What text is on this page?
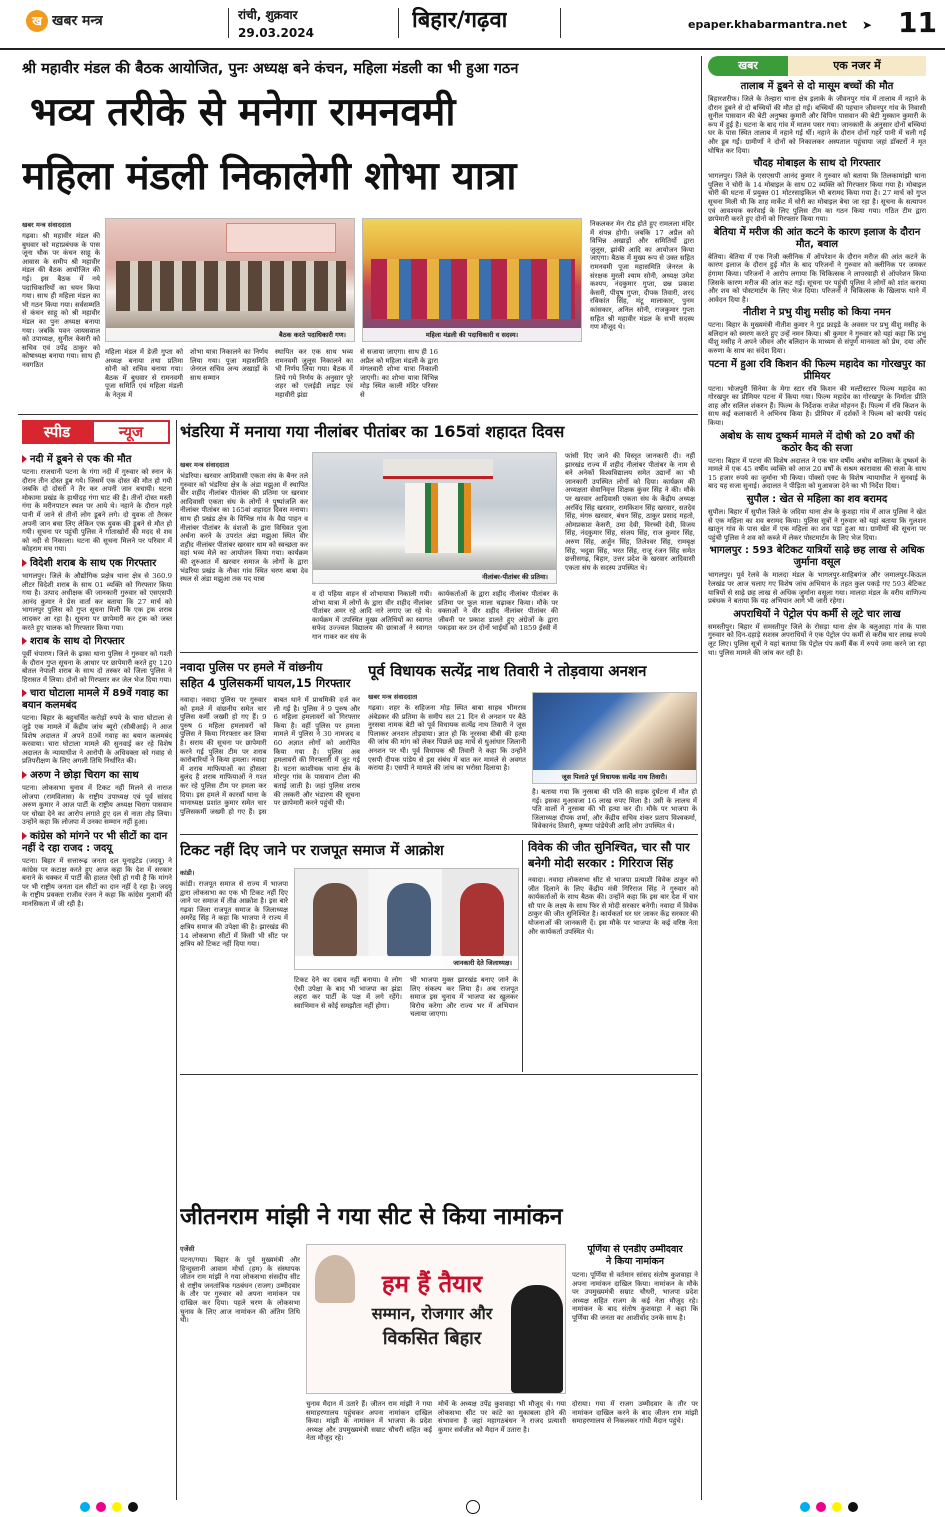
ख खबर मन्त्र	रांची, शुक्रवार
29.03.2024	बिहार/गढ़वा	epaper.khabarmantra.net ➤ 11
श्री महावीर मंडल की बैठक आयोजित, पुनः अध्यक्ष बने कंचन, महिला मंडली का भी हुआ गठन
भव्य तरीके से मनेगा रामनवमी
महिला मंडली निकालेगी शोभा यात्रा
खबर मन्त्र संवाददाता
गढ़वा। श्री महावीर मंडल की बुधवार को महाप्रबंधक के पास जूना चौक पर कंचन साहू के आवास के समीप श्री महावीर मंडल की बैठक आयोजित की गई। इस बैठक में नये पदाधिकारियों का चयन किया गया। साथ ही महिला मंडल का भी गठन किया गया। सर्वसम्मति से कंचन साहू को श्री महावीर मंडल का पुनः अध्यक्ष बनाया गया। जबकि पवन जायसवाल को उपाध्यक्ष, सुनील केसरी को सचिव एवं उपेंद्र ठाकुर को कोषाध्यक्ष बनाया गया। साथ ही नवगठित
बैठक करते पदाधिकारी गण।	महिला मंडली की पदाधिकारी व सदस्य।
महिला मंडल में डेजी गुप्ता को अध्यक्ष बनाया तथा प्रतिमा सोनी को सचिव बनाया गया। बैठक में बुधवार से रामनवमी पूजा समिति एवं महिला मंडली के नेतृत्व में
शोभा यात्रा निकालने का निर्णय लिया गया। पूजा महासमिति जेनरल सचिव अन्य अखाड़ों के साथ सम्मान
स्थापित कर एक साथ भव्य रामनवमी जुलूस निकालने का भी निर्णय लिया गया। बैठक में लिये गये निर्णय के अनुसार पूरे शहर को एलईडी लाइट एवं महावीरी झंडा
से सजाया जाएगा। साथ ही 16 अप्रैल को महिला मंडली के द्वारा मंगलवारी शोभा यात्रा निकाली जाएगी। का शोभा यात्रा विभिन्न मोड़ स्थित काली मंदिर परिसर से
निकलकर मेन रोड होते हुए रामलला मंदिर में संपन्न होगी। जबकि 17 अप्रैल को विभिन्न अखाड़ों और समितियों द्वारा जुलूस, झांकी आदि का आयोजन किया जाएगा। बैठक में मुख्य रूप से उक्त सहित रामनवमी पूजा महासमिति जेनरल के संरक्षक मुरली श्याम सोनी, अध्यक्ष उमेश कश्यप, नंदकुमार गुप्ता, छन्न प्रकाश केसरी, पीयूष गुप्ता, दीपक तिवारी, शरद रविकांत सिंह, मंटू मालाकार, पुनम कांसकार, अनिल सोनी, राजकुमार गुप्ता सहित श्री महावीर मंडल के सभी सदस्य गण मौजूद थे।
स्पीड	न्यूज
नदी में डूबने से एक की मौत
पटना। राजधानी पटना के गंगा नदी में गुरुवार को स्नान के दौरान तीन दोस्त डूब गये। जिसमें एक दोस्त की मौत हो गयी जबकि दो दोस्तों ने तैर कर अपनी जान बचायी। घटना मोकामा प्रखंड के हाथीदह गंगा घाट की है। तीनों दोस्त मस्ती गंगा के मरीनपाटन स्थल पर आये थे। नहाने के दौरान गहरे पानी में जाने से तीनों लोग डूबने लगे। दो युवक तो तैरकर अपनी जान बचा लिए लेकिन एक युवक की डूबने से मौत हो गयी। सूचना पर पहुंची पुलिस ने गोताखोरों की मदद से शव को नदी से निकाला। घटना की सूचना मिलने पर परिवार में कोहराम मच गया।
विदेशी शराब के साथ एक गिरफ्तार
भागलपुर। जिले के औद्योगिक प्रक्षेत्र थाना क्षेत्र से 360.9 लीटर विदेशी शराब के साथ 01 व्यक्ति को गिरफ्तार किया गया है। उत्पाद अधीक्षक की जानकारी गुरुवार को एसएसपी आनंद कुमार ने प्रेस वार्ता कर बताया कि 27 मार्च को भागलपुर पुलिस को गुप्त सूचना मिली कि एक ट्रक शराब लादकर आ रहा है। सूचना पर छापेमारी कर ट्रक को जब्त करते हुए चालक को गिरफ्तार किया गया।
शराब के साथ दो गिरफ्तार
पूर्वी चंपारण। जिले के ढ़ाका थाना पुलिस ने गुरुवार को गश्ती के दौरान गुप्त सूचना के आधार पर छापेमारी करते हुए 120 बोतल नेपाली शराब के साथ दो तस्कर को जिला पुलिस ने हिरासत में लिया। दोनों को गिरफ्तार कर जेल भेज दिया गया।
चारा घोटाला मामले में 89वें गवाह का बयान कलमबंद
पटना। बिहार के बहुचर्चित करोड़ों रुपये के चारा घोटाला से जुड़े एक मामले में केंद्रीय जांच ब्यूरो (सीबीआई) ने आज विशेष अदालत में अपने 89वें गवाह का बयान कलमबंद करवाया। चारा घोटाला मामले की सुनवाई कर रहे विशेष अदालत के न्यायाधीश ने आरोपी के अधिवक्ता को गवाह से प्रतिपरीक्षण के लिए अगली तिथि निर्धारित की।
अरुण ने छोड़ा चिराग का साथ
पटना। लोकसभा चुनाव में टिकट नहीं मिलने से नाराज लोजपा (रामविलास) के राष्ट्रीय उपाध्यक्ष एवं पूर्व सांसद अरुण कुमार ने आज पार्टी के राष्ट्रीय अध्यक्ष चिराग पासवान पर धोखा देने का आरोप लगाते हुए दल से नाता तोड़ लिया। उन्होंने कहा कि लोजपा में उनका सम्मान नहीं हुआ।
कांग्रेस को मांगने पर भी सीटों का दान नहीं दे रहा राजद : जदयू
पटना। बिहार में सत्तारूढ़ जनता दल यूनाइटेड (जदयू) ने कांग्रेस पर कटाक्ष करते हुए आज कहा कि देश में सरकार बनाने के चक्कर में पार्टी की हालत ऐसी हो गयी है कि मांगने पर भी राष्ट्रीय जनता दल सीटों का दान नहीं दे रहा है। जदयू के राष्ट्रीय प्रवक्ता राजीव रंजन ने कहा कि कांग्रेस गुलामी की मानसिकता में जी रही है।
भंडरिया में मनाया गया नीलांबर पीतांबर का 165वां शहादत दिवस
खबर मन्त्र संवाददाता
भंडरिया। खरवार आदिवासी एकता संघ के बैनर तले गुरुवार को भंडरिया क्षेत्र के अंडा मझुआ में स्थापित वीर शहीद नीलांबर पीतांबर की प्रतिमा पर खरवार आदिवासी एकता संघ के लोगों ने पुष्पांजलि कर नीलांबर पीतांबर का 165वां शहादत दिवस मनाया। साथ ही प्रखंड क्षेत्र के विभिन्न गांव के वैद्य पाहन व नीलांबर पीतांबर के वंशजों के द्वारा विधिवत पूजा अर्चना करने के उपरांत अंडा मझुआ स्थित वीर शहीद नीलांबर पीतांबर खरवार धाम को स्वच्छता कर वहां भव्य मेले का आयोजन किया गया। कार्यक्रम की शुरुआत में खरवार समाज के लोगों के द्वारा भंडरिया प्रखंड के नौका गांव स्थित चरण बाबा देव स्थल से अंडा मझुआ तक पद यात्रा	नीलांबर-पीतांबर की प्रतिमा।
व दो पहिया वाहन से शोभायात्रा निकाली गयी। शोभा यात्रा में लोगों के द्वारा वीर शहीद नीलांबर पीतांबर अमर रहे आदि नारे लगाए जा रहे थे। कार्यक्रम में उपस्थित मुख्य अतिथियों का स्वागत सफेद उज्ज्वल विद्यालय की छात्राओं ने स्वागत गान गाकर कर संघ के
कार्यकर्ताओं के द्वारा शहीद नीलांबर पीतांबर के प्रतिमा पर फूल माला चढ़ाकर किया। मौके पर वक्ताओं ने वीर शहीद नीलांबर पीतांबर की जीवनी पर प्रकाश डालते हुए अंग्रेजों के द्वारा पकड़वा कर उन दोनों भाईयों को 1859 ईस्वी में
फांसी दिए जाने की विस्तृत जानकारी दी। नहीं झारखंड राज्य में शहीद नीलांबर पीतांबर के नाम से बने अनेकों विश्वविद्यालय समेत उद्यानों का भी जानकारी उपस्थित लोगों को दिया। कार्यक्रम की अध्यक्षता सेवानिवृत्त शिक्षक कुंवर सिंह ने की। मौके पर खरवार आदिवासी एकता संघ के केंद्रीय अध्यक्ष अरविंद सिंह खरवार, रामकिशन सिंह खरवार, सतदेव सिंह, मंगरु खरवार, बंधन सिंह, ठाकुर प्रसाद महतो, ओमप्रकाश केसरी, उमा देवी, विरच्ची देवी, विजय सिंह, नंदकुमार सिंह, संजय सिंह, राज कुमार सिंह, अरुण सिंह, अर्जुन सिंह, तिलेश्वर सिंह, रामबृक्ष सिंह, भदुवा सिंह, भरत सिंह, राजू रंजन सिंह समेत छत्तीसगढ़, बिहार, उत्तर प्रदेश के खरवार आदिवासी एकता संघ के सदस्य उपस्थित थे।
नवादा पुलिस पर हमले में वांछनीय
सहित 4 पुलिसकर्मी घायल,15 गिरफ्तार
नवादा। नवादा पुलिस पर गुरुवार को हमले में वांछनीय समेत चार पुलिस कर्मी जख्मी हो गए हैं। 9 पुरुष 6 महिला हमलावरों को पुलिस ने किया गिरफ्तार कर लिया है। सराय की सूचना पर छापेमारी करने गई पुलिस टीम पर शराब कारोबारियों ने किया हमला। नवादा में शराब माफियाओं का हौसला बुलंद है शराब माफियाओं ने गश्त कर रहे पुलिस टीम पर हमला कर दिया। इस हमले में कारवाँ थाना के थानाध्यक्ष प्रशांत कुमार समेत चार पुलिसकर्मी जख्मी हो गए हैं। इस बाबत थाने में प्राथमिकी दर्ज कर ली गई है। पुलिस ने 9 पुरुष और 6 महिला हमलावरों को गिरफ्तार किया है। वहीं पुलिस पर हमला मामले में पुलिस ने 30 नामजद व 60 अज्ञात लोगों को आरोपित किया गया है। पुलिस अब हमलावरों की गिरफ्तारी में जुट गई है। घटना काशीचक थाना क्षेत्र के मोरपुर गांव के पासवान टोला की बताई जाती है। जहां पुलिस शराब की तस्करी और भंडारण की सूचना पर छापेमारी करने पहुंची थी।
पूर्व विधायक सत्येंद्र नाथ तिवारी ने तोड़वाया अनशन
खबर मन्त्र संवाददाता
गढ़वा। शहर के सहिजना मोड़ स्थित बाबा साहब भीमराव अंबेडकर की प्रतिमा के समीप सत 21 दिन से अनशन पर बैठे नुरसबा नामक बेटी को पूर्व विधायक सत्येंद्र नाथ तिवारी ने जूस पिलाकर अनशन तोड़वाया। ज्ञात हो कि नूरसबा बीबी की हत्या की जांच की मांग को लेकर पिछले छह मार्च से धुआंधार जिलानी अनशन पर थी। पूर्व विधायक श्री तिवारी ने कहा कि उन्होंने एसपी दीपक पांडेय से इस संबंध में बात कर मामले से अवगत कराया है। एसपी ने मामले की जांच का भरोसा दिलाया है।
जूस पिलाते पूर्व विधायक सत्येंद्र नाथ तिवारी।
है। बताया गया कि नुरसबा की पति की सड़क दुर्घटना में मौत हो गई। इसका मुआवजा 16 लाख रुपए मिला है। उसी के लालच में पति वालों ने नुरसबा की भी हत्या कर दी। मौके पर भाजपा के जिलाध्यक्ष दीपक शर्मा, और केंद्रीय सचिव शंकर प्रताप विश्वकर्मा, विवेकानंद तिवारी, कृष्णा पांडेयेजी आदि लोग उपस्थित थे।
टिकट नहीं दिए जाने पर राजपूत समाज में आक्रोश
कांडी।
कांडी। राजपूत समाज से राज्य में भाजपा द्वारा लोकसभा का एक भी टिकट नहीं दिए जाने पर समाज में तीव्र आक्रोश है। इस बारे गढ़वा जिला राजपूत समाज के जिलाध्यक्ष अमरेंद्र सिंह ने कहा कि भाजपा ने राज्य में क्षत्रिय समाज की उपेक्षा की है। झारखंड की 14 लोकसभा सीटों में किसी भी सीट पर क्षत्रिय को टिकट नहीं दिया गया।
जानकारी देते जिलाध्यक्ष।
टिकट देने का दबाव नहीं बनाया। वे लोग ऐसी उपेक्षा के बाद भी भाजपा का झंडा लहरा कर पार्टी के पक्ष में लगे रहेंगे। स्वाभिमान से कोई समझौता नहीं होगा।
भी भाजपा मुक्त झारखंड बनाए जाने के लिए संकल्प कर लिया है। अब राजपूत समाज इस चुनाव में भाजपा का खुलकर विरोध करेगा और राज्य भर में अभियान चलाया जाएगा।
विवेक की जीत सुनिश्चित, चार सौ पार
बनेगी मोदी सरकार : गिरिराज सिंह
नवादा। नवादा लोकसभा सीट से भाजपा प्रत्याशी विवेक ठाकुर को जीत दिलाने के लिए केंद्रीय मंत्री गिरिराज सिंह ने गुरुवार को कार्यकर्ताओं के साथ बैठक की। उन्होंने कहा कि इस बार देश में चार सौ पार के लक्ष्य के साथ फिर से मोदी सरकार बनेगी। नवादा में विवेक ठाकुर की जीत सुनिश्चित है। कार्यकर्ता घर घर जाकर केंद्र सरकार की योजनाओं की जानकारी दें। इस मौके पर भाजपा के कई वरिष्ठ नेता और कार्यकर्ता उपस्थित थे।
जीतनराम मांझी ने गया सीट से किया नामांकन
एजेंसी
पटना/गया। बिहार के पूर्व मुख्यमंत्री और हिन्दुस्तानी आवाम मोर्चा (हम) के संस्थापक जीतन राम मांझी ने गया लोकसभा संसदीय सीट से राष्ट्रीय जनतांत्रिक गठबंधन (राजग) उम्मीदवार के तौर पर गुरुवार को अपना नामांकन पत्र दाखिल कर दिया। पहले चरण के लोकसभा चुनाव के लिए आज नामांकन की अंतिम तिथि थी।
हम हैं तैयार
सम्मान, रोजगार और
विकसित बिहार
चुनाव मैदान में उतारे हैं। जीतन राम मांझी ने गया समाहरणालय पहुंचकर अपना नामांकन दाखिल किया। मांझी के नामांकन में भाजपा के प्रदेश अध्यक्ष और उपमुख्यमंत्री सम्राट चौधरी सहित कई नेता मौजूद रहे।
मोर्चे के अध्यक्ष उपेंद्र कुशवाहा भी मौजूद थे। गया लोकसभा सीट पर कांटे का मुकाबला होने की संभावना है जहां महागठबंधन ने राजद प्रत्याशी कुमार सर्वजीत को मैदान में उतारा है।
दोराया। गया में राजग उम्मीदवार के तौर पर नामांकन दाखिल करने के बाद जीतन राम मांझी समाहरणालय से निकलकर गांधी मैदान पहुंचे।
पूर्णिया से एनडीए उम्मीदवार
ने किया नामांकन
पटना। पूर्णिया से वर्तमान सांसद संतोष कुशवाहा ने अपना नामांकन दाखिल किया। नामांकन के मौके पर उपमुख्यमंत्री सम्राट चौधरी, भाजपा प्रदेश अध्यक्ष सहित राजग के कई नेता मौजूद रहे। नामांकन के बाद संतोष कुशवाहा ने कहा कि पूर्णिया की जनता का आशीर्वाद उनके साथ है।
खबर	एक नजर में
तालाब में डूबने से दो मासूम बच्चों की मौत
बिहारशरीफ। जिले के तेल्हारा थाना क्षेत्र इलाके के जीवनपुर गांव में तालाब में नहाने के दौरान डूबने से दो बच्चियों की मौत हो गई। बच्चियों की पहचान जीवनपुर गांव के निवासी सुनील पासवान की बेटी अनुष्का कुमारी और विपिन पासवान की बेटी मुस्कान कुमारी के रूप में हुई है। घटना के बाद गांव में मातम पसर गया। जानकारी के अनुसार दोनों बच्चियां घर के पास स्थित तालाब में नहाने गई थीं। नहाने के दौरान दोनों गहरे पानी में चली गईं और डूब गईं। ग्रामीणों ने दोनों को निकालकर अस्पताल पहुंचाया जहां डॉक्टरों ने मृत घोषित कर दिया।
चौदह मोबाइल के साथ दो गिरफ्तार
भागलपुर। जिले के एसएसपी आनंद कुमार ने गुरुवार को बताया कि तिलकामांझी थाना पुलिस ने चोरी के 14 मोबाइल के साथ 02 व्यक्ति को गिरफ्तार किया गया है। मोबाइल चोरी की घटना में प्रयुक्त 01 मोटरसाइकिल भी बरामद किया गया है। 27 मार्च को गुप्त सूचना मिली थी कि शाह मार्केट में चोरी का मोबाइल बेचा जा रहा है। सूचना के सत्यापन एवं आवश्यक कार्रवाई के लिए पुलिस टीम का गठन किया गया। गठित टीम द्वारा छापेमारी करते हुए दोनों को गिरफ्तार किया गया।
बेतिया में मरीज की आंत कटने के कारण इलाज के दौरान मौत, बवाल
बेतिया। बेतिया में एक निजी क्लीनिक में ऑपरेशन के दौरान मरीज की आंत कटने के कारण इलाज के दौरान हुई मौत के बाद परिजनों ने गुरुवार को क्लीनिक पर जमकर हंगामा किया। परिजनों ने आरोप लगाया कि चिकित्सक ने लापरवाही से ऑपरेशन किया जिसके कारण मरीज की आंत कट गई। सूचना पर पहुंची पुलिस ने लोगों को शांत कराया और शव को पोस्टमार्टम के लिए भेज दिया। परिजनों ने चिकित्सक के खिलाफ थाने में आवेदन दिया है।
नीतीश ने प्रभु यीशु मसीह को किया नमन
पटना। बिहार के मुख्यमंत्री नीतीश कुमार ने गुड फ्राइडे के अवसर पर प्रभु यीशु मसीह के बलिदान को स्मरण करते हुए उन्हें नमन किया। श्री कुमार ने गुरुवार को यहां कहा कि प्रभु यीशु मसीह ने अपने जीवन और बलिदान के माध्यम से संपूर्ण मानवता को प्रेम, दया और करुणा के साथ का संदेश दिया।
पटना में हुआ रवि किशन की फिल्म महादेव का गोरखपुर का प्रीमियर
पटना। भोजपुरी सिनेमा के मेगा स्टार रवि किशन की मल्टीस्टारर फिल्म महादेव का गोरखपुर का प्रीमियर पटना में किया गया। फिल्म महादेव का गोरखपुर के निर्माता प्रीति शाह और सलिल शंकरन हैं। फिल्म के निर्देशक राजेश मोहनन हैं। फिल्म में रवि किशन के साथ कई कलाकारों ने अभिनय किया है। प्रीमियर में दर्शकों ने फिल्म को काफी पसंद किया।
अबोध के साथ दुष्कर्म मामले में दोषी को 20 वर्षों की कठोर कैद की सजा
पटना। बिहार में पटना की विशेष अदालत ने एक चार वर्षीय अबोध बालिका के दुष्कर्म के मामले में एक 45 वर्षीय व्यक्ति को आज 20 वर्षों के सश्रम कारावास की सजा के साथ 15 हजार रुपये का जुर्माना भी किया। पॉक्सो एक्ट के विशेष न्यायाधीश ने सुनवाई के बाद यह सजा सुनाई। अदालत ने पीड़िता को मुआवजा देने का भी निर्देश दिया।
सुपौल : खेत से महिला का शव बरामद
सुपौल। बिहार में सुपौल जिले के जदिया थाना क्षेत्र के कुशहा गांव में आज पुलिस ने खेत से एक महिला का शव बरामद किया। पुलिस सूत्रों ने गुरुवार को यहां बताया कि गुलशन खातून गांव के पास खेत में एक महिला का शव पड़ा हुआ था। ग्रामीणों की सूचना पर पहुंची पुलिस ने शव को कब्जे में लेकर पोस्टमार्टम के लिए भेज दिया।
भागलपुर : 593 बेटिकट यात्रियों साढ़े छह लाख से अधिक जुर्माना वसूल
भागलपुर। पूर्व रेलवे के मालदा मंडल के भागलपुर-साहिबगंज और जमालपुर-किऊल रेलखंड पर आज चलाए गए विशेष जांच अभियान के तहत कुल पकड़े गए 593 बेटिकट यात्रियों से साढ़े छह लाख से अधिक जुर्माना वसूला गया। मालदा मंडल के वरीय वाणिज्य प्रबंधक ने बताया कि यह अभियान आगे भी जारी रहेगा।
अपराधियों ने पेट्रोल पंप कर्मी से लूटे चार लाख
समस्तीपुर। बिहार में समस्तीपुर जिले के रोसड़ा थाना क्षेत्र के बलुआहा गांव के पास गुरुवार को दिन-दहाड़े सशस्त्र अपराधियों ने एक पेट्रोल पंप कर्मी से करीब चार लाख रुपये लूट लिए। पुलिस सूत्रों ने यहां बताया कि पेट्रोल पंप कर्मी बैंक में रुपये जमा करने जा रहा था। पुलिस मामले की जांच कर रही है।
